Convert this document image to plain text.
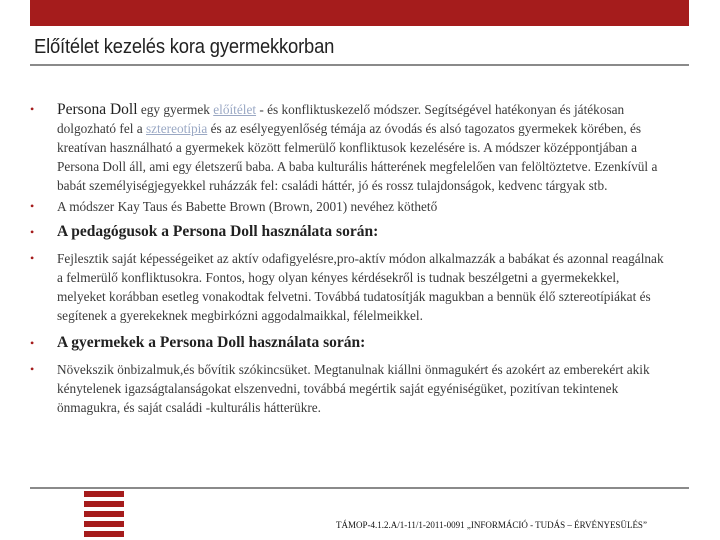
Előítélet kezelés kora gyermekkorban
• Persona Doll egy gyermek előítélet - és konfliktuskezelő módszer. Segítségével hatékonyan és játékosan dolgozható fel a sztereotípia és az esélyegyenlőség témája az óvodás és alsó tagozatos gyermekek körében, és kreatívan használható a gyermekek között felmerülő konfliktusok kezelésére is. A módszer középpontjában a Persona Doll áll, ami egy életszerű baba. A baba kulturális hátterének megfelelően van felöltöztetve. Ezenkívül a babát személyiségjegyekkel ruházzák fel: családi háttér, jó és rossz tulajdonságok, kedvenc tárgyak stb.
• A módszer Kay Taus és Babette Brown (Brown, 2001) nevéhez köthető
• A pedagógusok a Persona Doll használata során:
• Fejlesztik saját képességeiket az aktív odafigyelésre,pro-aktív módon alkalmazzák a babákat és azonnal reagálnak a felmerülő konfliktusokra. Fontos, hogy olyan kényes kérdésekről is tudnak beszélgetni a gyermekekkel, melyeket korábban esetleg vonakodtak felvetni. Továbbá tudatosítják magukban a bennük élő sztereotípiákat és segítenek a gyerekeknek megbirkózni aggodalmaikkal, félelmeikkel.
• A gyermekek a Persona Doll használata során:
• Növekszik önbizalmuk,és bővítik szókincsüket. Megtanulnak kiállni önmagukért és azokért az emberekért akik kénytelenek igazságtalanságokat elszenvedni, továbbá megértik saját egyéniségüket, pozitívan tekintenek önmagukra, és saját családi -kulturális hátterükre.
TÁMOP-4.1.2.A/1-11/1-2011-0091 „INFORMÁCIÓ - TUDÁS – ÉRVÉNYESÜLÉS”
